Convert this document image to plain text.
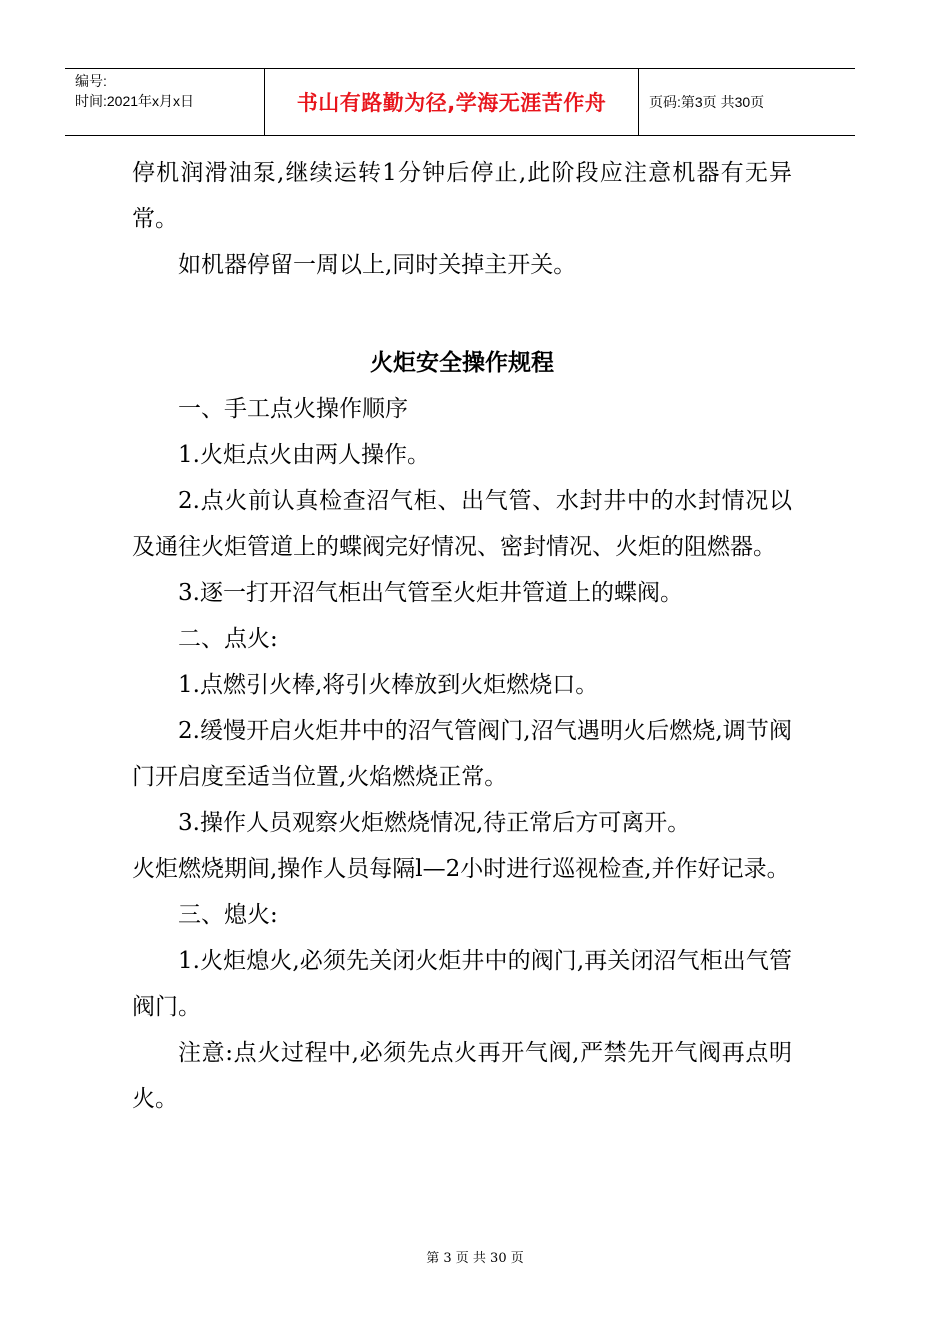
编号:
时间:2021年x月x日	书山有路勤为径,学海无涯苦作舟	页码:第3页 共30页

停机润滑油泵,继续运转1分钟后停止,此阶段应注意机器有无异常。

如机器停留一周以上,同时关掉主开关。

火炬安全操作规程

一、手工点火操作顺序

1.火炬点火由两人操作。

2.点火前认真检查沼气柜、出气管、水封井中的水封情况以及通往火炬管道上的蝶阀完好情况、密封情况、火炬的阻燃器。

3.逐一打开沼气柜出气管至火炬井管道上的蝶阀。

二、点火:

1.点燃引火棒,将引火棒放到火炬燃烧口。

2.缓慢开启火炬井中的沼气管阀门,沼气遇明火后燃烧,调节阀门开启度至适当位置,火焰燃烧正常。

3.操作人员观察火炬燃烧情况,待正常后方可离开。

火炬燃烧期间,操作人员每隔l—2小时进行巡视检查,并作好记录。

三、熄火:

1.火炬熄火,必须先关闭火炬井中的阀门,再关闭沼气柜出气管阀门。

注意:点火过程中,必须先点火再开气阀,严禁先开气阀再点明火。

第 3 页 共 30 页
